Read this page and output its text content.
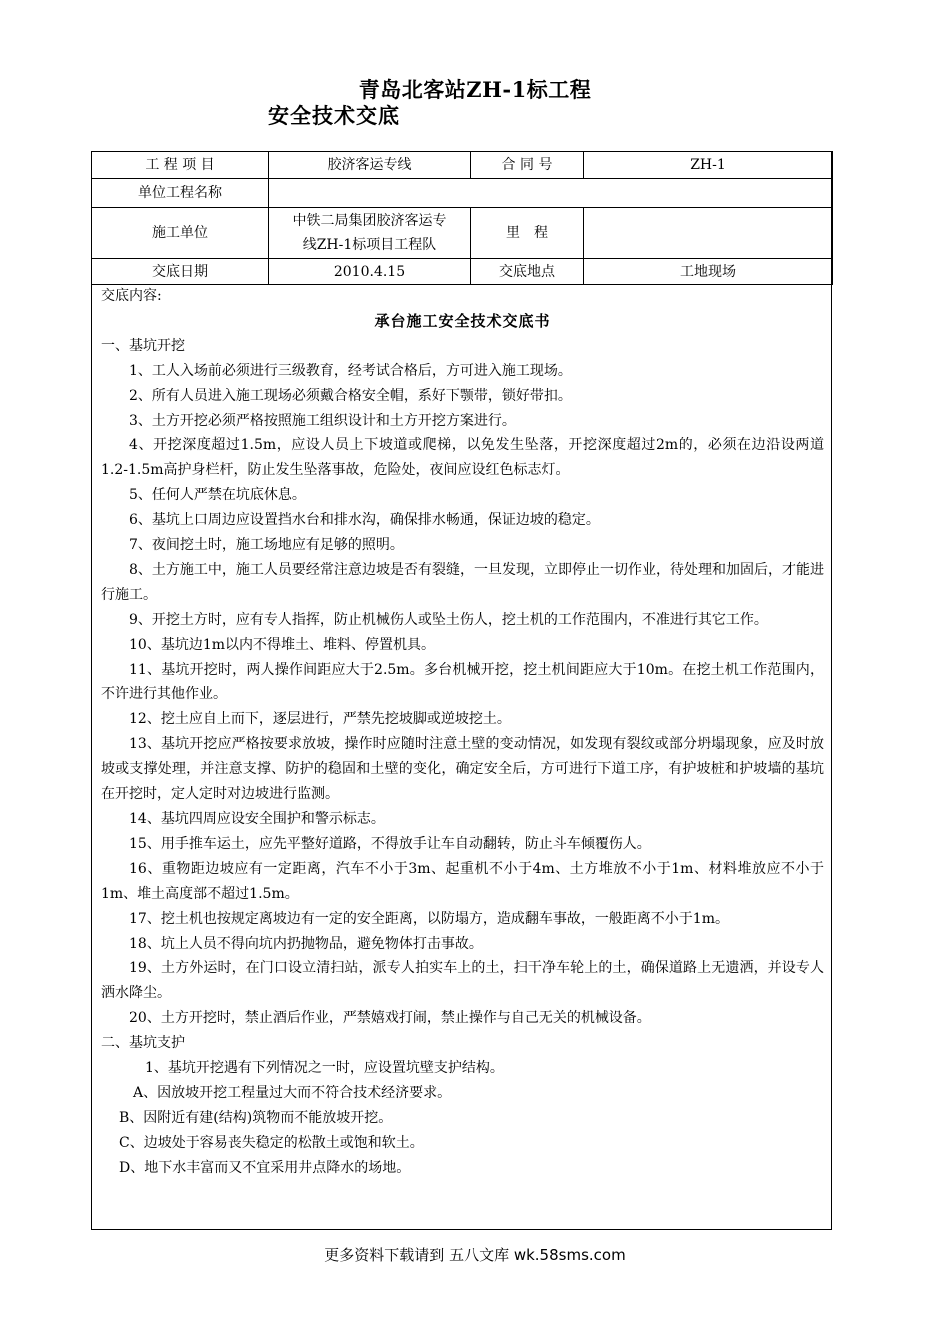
青岛北客站ZH-1标工程
安全技术交底
工 程 项 目	胶济客运专线	合 同 号	ZH-1
单位工程名称			
施工单位	中铁二局集团胶济客运专
线ZH-1标项目工程队	里　程	
交底日期	2010.4.15	交底地点	工地现场
交底内容:
承台施工安全技术交底书
一、基坑开挖

1、工人入场前必须进行三级教育，经考试合格后，方可进入施工现场。

2、所有人员进入施工现场必须戴合格安全帽，系好下颚带，锁好带扣。

3、土方开挖必须严格按照施工组织设计和土方开挖方案进行。

4、开挖深度超过1.5m，应设人员上下坡道或爬梯，以免发生坠落，开挖深度超过2m的，必须在边沿设两道1.2-1.5m高护身栏杆，防止发生坠落事故，危险处，夜间应设红色标志灯。

5、任何人严禁在坑底休息。

6、基坑上口周边应设置挡水台和排水沟，确保排水畅通，保证边坡的稳定。

7、夜间挖土时，施工场地应有足够的照明。

8、土方施工中，施工人员要经常注意边坡是否有裂缝，一旦发现，立即停止一切作业，待处理和加固后，才能进行施工。

9、开挖土方时，应有专人指挥，防止机械伤人或坠土伤人，挖土机的工作范围内，不准进行其它工作。

10、基坑边1m以内不得堆土、堆料、停置机具。

11、基坑开挖时，两人操作间距应大于2.5m。多台机械开挖，挖土机间距应大于10m。在挖土机工作范围内，不许进行其他作业。

12、挖土应自上而下，逐层进行，严禁先挖坡脚或逆坡挖土。

13、基坑开挖应严格按要求放坡，操作时应随时注意土壁的变动情况，如发现有裂纹或部分坍塌现象，应及时放坡或支撑处理，并注意支撑、防护的稳固和土壁的变化，确定安全后，方可进行下道工序，有护坡桩和护坡墙的基坑在开挖时，定人定时对边坡进行监测。

14、基坑四周应设安全围护和警示标志。

15、用手推车运土，应先平整好道路，不得放手让车自动翻转，防止斗车倾覆伤人。

16、重物距边坡应有一定距离，汽车不小于3m、起重机不小于4m、土方堆放不小于1m、材料堆放应不小于1m、堆土高度部不超过1.5m。

17、挖土机也按规定离坡边有一定的安全距离，以防塌方，造成翻车事故，一般距离不小于1m。

18、坑上人员不得向坑内扔抛物品，避免物体打击事故。

19、土方外运时，在门口设立清扫站，派专人拍实车上的土，扫干净车轮上的土，确保道路上无遗洒，并设专人洒水降尘。

20、土方开挖时，禁止酒后作业，严禁嬉戏打闹，禁止操作与自己无关的机械设备。

二、基坑支护

1、基坑开挖遇有下列情况之一时，应设置坑壁支护结构。

A、因放坡开挖工程量过大而不符合技术经济要求。

B、因附近有建(结构)筑物而不能放坡开挖。

C、边坡处于容易丧失稳定的松散土或饱和软土。

D、地下水丰富而又不宜采用井点降水的场地。

更多资料下载请到 五八文库 wk.58sms.com
